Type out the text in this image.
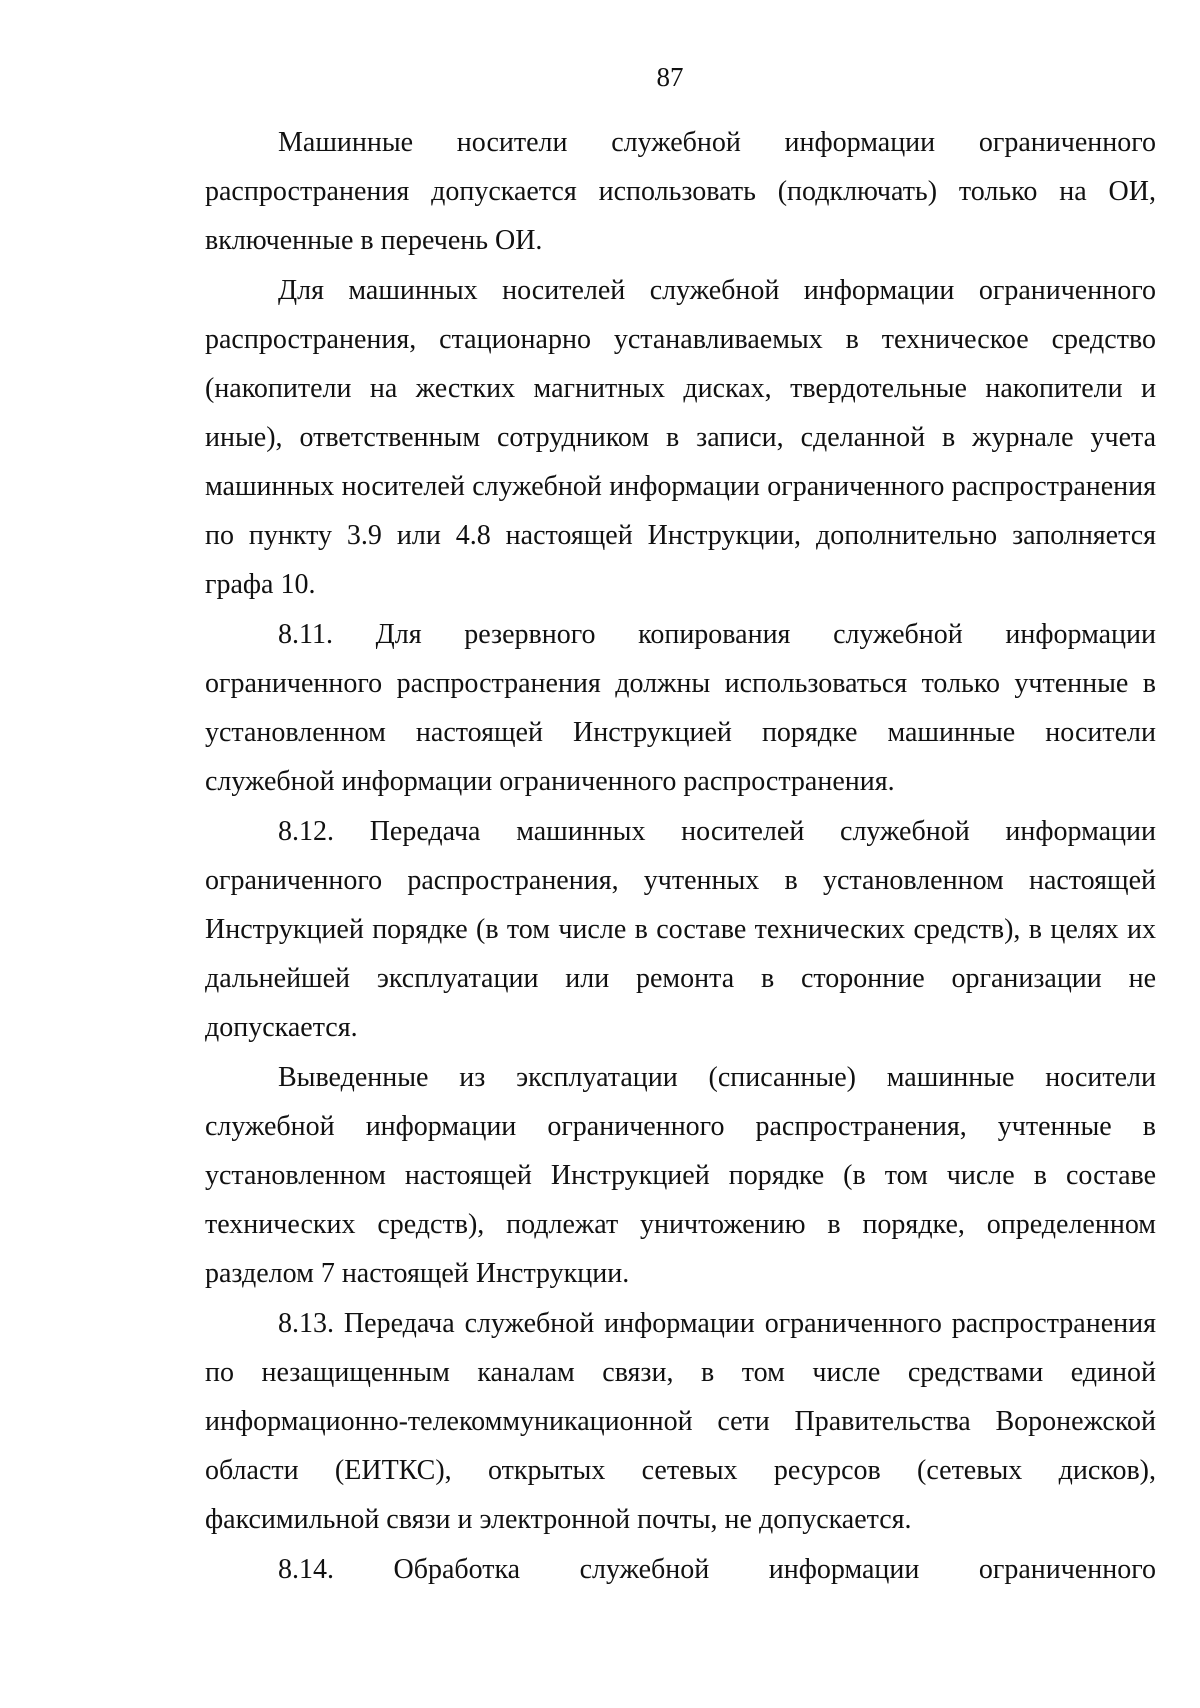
87

Машинные носители служебной информации ограниченного распространения допускается использовать (подключать) только на ОИ, включенные в перечень ОИ.

Для машинных носителей служебной информации ограниченного распространения, стационарно устанавливаемых в техническое средство (накопители на жестких магнитных дисках, твердотельные накопители и иные), ответственным сотрудником в записи, сделанной в журнале учета машинных носителей служебной информации ограниченного распространения по пункту 3.9 или 4.8 настоящей Инструкции, дополнительно заполняется графа 10.

8.11. Для резервного копирования служебной информации ограниченного распространения должны использоваться только учтенные в установленном настоящей Инструкцией порядке машинные носители служебной информации ограниченного распространения.

8.12. Передача машинных носителей служебной информации ограниченного распространения, учтенных в установленном настоящей Инструкцией порядке (в том числе в составе технических средств), в целях их дальнейшей эксплуатации или ремонта в сторонние организации не допускается.

Выведенные из эксплуатации (списанные) машинные носители служебной информации ограниченного распространения, учтенные в установленном настоящей Инструкцией порядке (в том числе в составе технических средств), подлежат уничтожению в порядке, определенном разделом 7 настоящей Инструкции.

8.13. Передача служебной информации ограниченного распространения по незащищенным каналам связи, в том числе средствами единой информационно-телекоммуникационной сети Правительства Воронежской области (ЕИТКС), открытых сетевых ресурсов (сетевых дисков), факсимильной связи и электронной почты, не допускается.

8.14. Обработка служебной информации ограниченного
